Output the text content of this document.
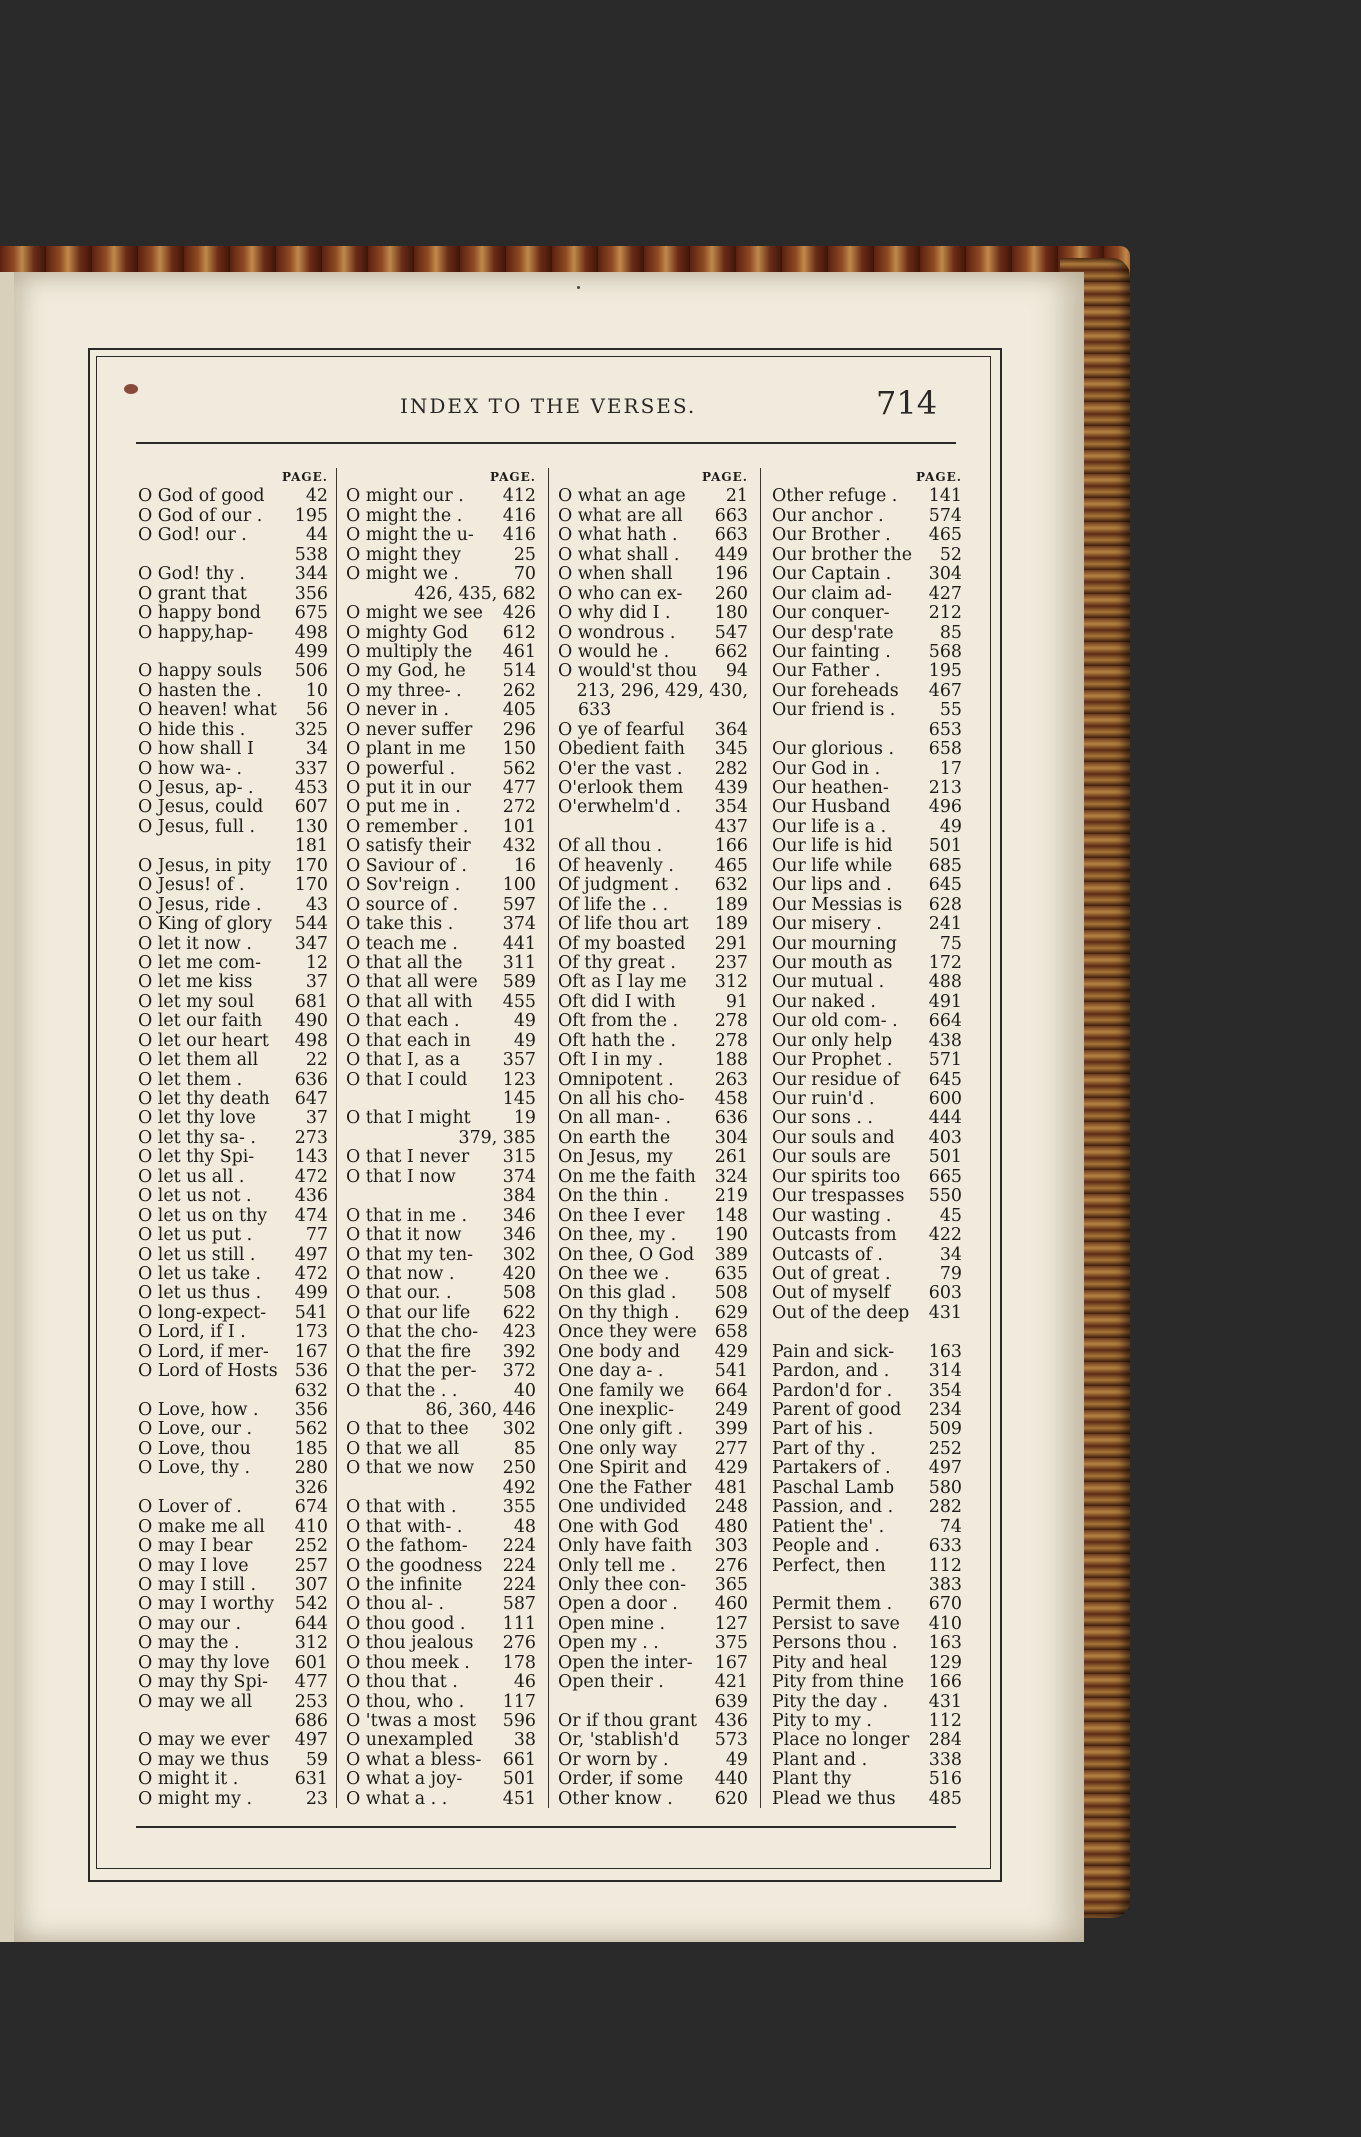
INDEX TO THE VERSES.	714
PAGE.
O God of good 42
O God of our . 195
O God! our .	44
538
O God! thy .	344
O grant that	356
O happy bond 675
O happy,hap- 498
499
O happy souls 506
O hasten the .	10
O heaven! what 56
O hide this .	325
O how shall I	34
O how wa- .	337
O Jesus, ap- . 453
O Jesus, could 607
O Jesus, full . 130
181
O Jesus, in pity 170
O Jesus! of .	170
O Jesus, ride .	43
O King of glory 544
O let it now . 347
O let me com-	12
O let me kiss	37
O let my soul 681
O let our faith 490
O let our heart 498
O let them all	22
O let them .	636
O let thy death 647
O let thy love	37
O let thy sa- . 273
O let thy Spi- 143
O let us all .	472
O let us not . 436
O let us on thy 474
O let us put .	77
O let us still . 497
O let us take . 472
O let us thus . 499
O long-expect- 541
O Lord, if I .	173
O Lord, if mer- 167
O Lord of Hosts 536
632
O Love, how . 356
O Love, our . 562
O Love, thou	185
O Love, thy .	280
326
O Lover of .	674
O make me all 410
O may I bear 252
O may I love	257
O may I still . 307
O may I worthy 542
O may our .	644
O may the .	312
O may thy love 601
O may thy Spi- 477
O may we all 253
686
O may we ever 497
O may we thus 59
O might it .	631
O might my .	23
PAGE.
O might our . 412
O might the . 416
O might the u- 416
O might they	25
O might we .	70
426, 435, 682
O might we see 426
O mighty God 612
O multiply the 461
O my God, he 514
O my three- . 262
O never in .	405
O never suffer 296
O plant in me 150
O powerful .	562
O put it in our 477
O put me in . 272
O remember . 101
O satisfy their 432
O Saviour of .	16
O Sov'reign . 100
O source of .	597
O take this .	374
O teach me .	441
O that all the 311
O that all were 589
O that all with 455
O that each .	49
O that each in 49
O that I, as a 357
O that I could 123
145
O that I might 19
379, 385
O that I never 315
O that I now	374
384
O that in me . 346
O that it now 346
O that my ten- 302
O that now .	420
O that our. .	508
O that our life 622
O that the cho- 423
O that the fire 392
O that the per- 372
O that the . .	40
86, 360, 446
O that to thee 302
O that we all	85
O that we now 250
492
O that with .	355
O that with- .	48
O the fathom- 224
O the goodness 224
O the infinite 224
O thou al- .	587
O thou good . 111
O thou jealous 276
O thou meek . 178
O thou that .	46
O thou, who . 117
O 'twas a most 596
O unexampled 38
O what a bless- 661
O what a joy- 501
O what a . .	451
PAGE.
O what an age 21
O what are all 663
O what hath . 663
O what shall . 449
O when shall 196
O who can ex- 260
O why did I .	180
O wondrous . 547
O would he .	662
O would'st thou 94
213, 296, 429, 430,
633
O ye of fearful 364
Obedient faith 345
O'er the vast . 282
O'erlook them 439
O'erwhelm'd . 354
437
Of all thou .	166
Of heavenly . 465
Of judgment . 632
Of life the . .	189
Of life thou art 189
Of my boasted 291
Of thy great . 237
Oft as I lay me 312
Oft did I with	91
Oft from the . 278
Oft hath the . 278
Oft I in my .	188
Omnipotent . 263
On all his cho- 458
On all man- .	636
On earth the	304
On Jesus, my 261
On me the faith 324
On the thin .	219
On thee I ever 148
On thee, my . 190
On thee, O God 389
On thee we .	635
On this glad . 508
On thy thigh . 629
Once they were 658
One body and 429
One day a- .	541
One family we 664
One inexplic- 249
One only gift . 399
One only way 277
One Spirit and 429
One the Father 481
One undivided 248
One with God 480
Only have faith 303
Only tell me . 276
Only thee con- 365
Open a door . 460
Open mine .	127
Open my . .	375
Open the inter- 167
Open their .	421
639
Or if thou grant 436
Or, 'stablish'd 573
Or worn by .	49
Order, if some 440
Other know . 620
PAGE.
Other refuge . 141
Our anchor .	574
Our Brother . 465
Our brother the 52
Our Captain . 304
Our claim ad- 427
Our conquer- 212
Our desp'rate	85
Our fainting . 568
Our Father .	195
Our foreheads 467
Our friend is .	55
653
Our glorious . 658
Our God in .	17
Our heathen- 213
Our Husband 496
Our life is a .	49
Our life is hid 501
Our life while 685
Our lips and . 645
Our Messias is 628
Our misery .	241
Our mourning 75
Our mouth as 172
Our mutual .	488
Our naked .	491
Our old com- . 664
Our only help 438
Our Prophet . 571
Our residue of 645
Our ruin'd .	600
Our sons . .	444
Our souls and 403
Our souls are 501
Our spirits too 665
Our trespasses 550
Our wasting .	45
Outcasts from 422
Outcasts of .	34
Out of great .	79
Out of myself 603
Out of the deep 431
Pain and sick- 163
Pardon, and . 314
Pardon'd for . 354
Parent of good 234
Part of his .	509
Part of thy .	252
Partakers of . 497
Paschal Lamb 580
Passion, and . 282
Patient the' .	74
People and .	633
Perfect, then 112
383
Permit them . 670
Persist to save 410
Persons thou . 163
Pity and heal 129
Pity from thine 166
Pity the day . 431
Pity to my .	112
Place no longer 284
Plant and .	338
Plant thy	516
Plead we thus 485
